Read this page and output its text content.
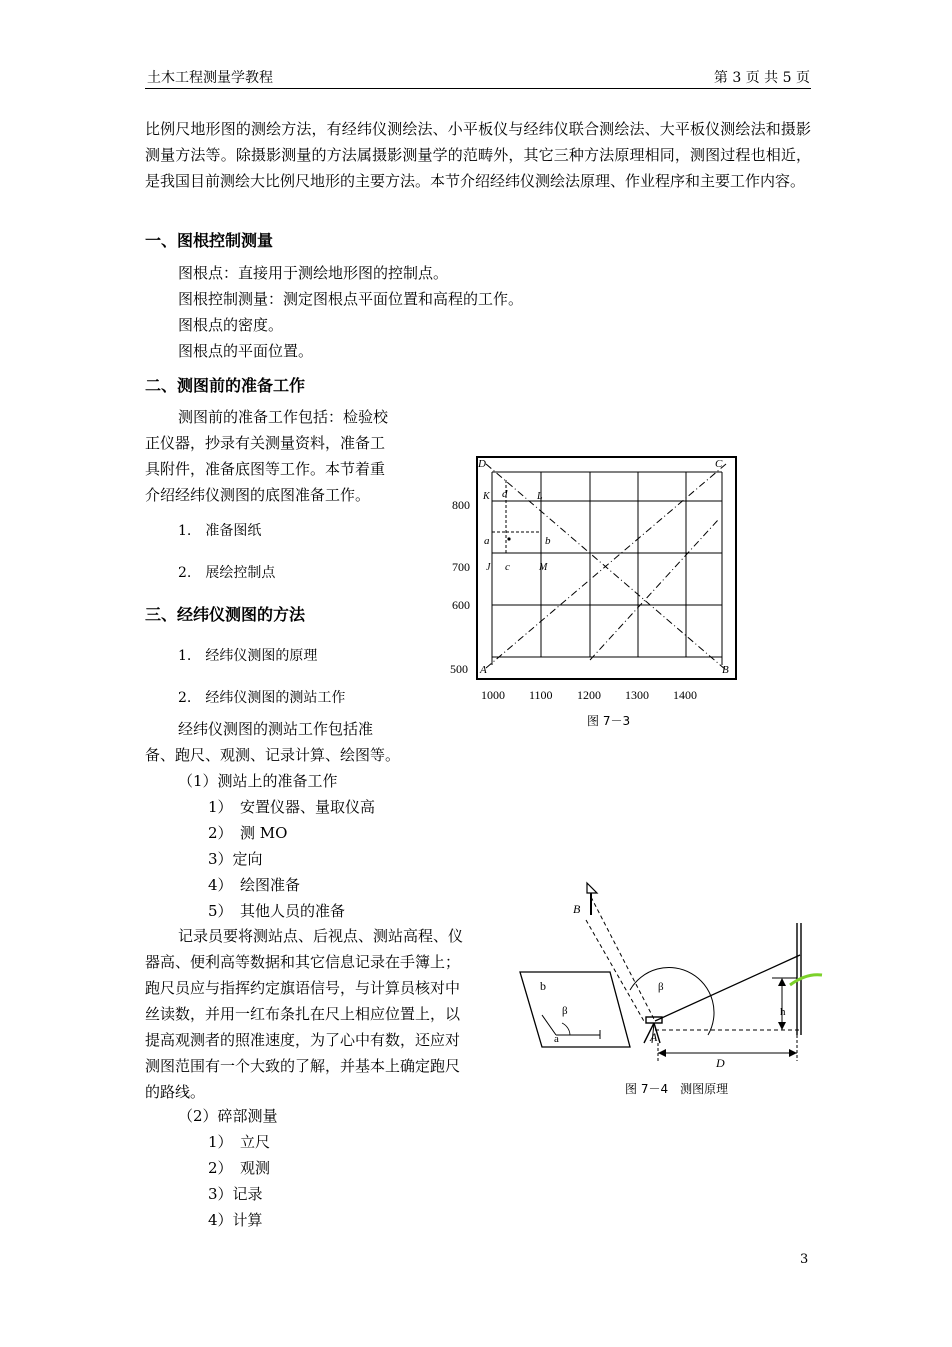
土木工程测量学教程	第 3 页 共 5 页
比例尺地形图的测绘方法，有经纬仪测绘法、小平板仪与经纬仪联合测绘法、大平板仪测绘法和摄影测量方法等。除摄影测量的方法属摄影测量学的范畴外，其它三种方法原理相同，测图过程也相近，是我国目前测绘大比例尺地形的主要方法。本节介绍经纬仪测绘法原理、作业程序和主要工作内容。
一、图根控制测量
图根点：直接用于测绘地形图的控制点。
图根控制测量：测定图根点平面位置和高程的工作。
图根点的密度。
图根点的平面位置。
二、测图前的准备工作
测图前的准备工作包括：检验校
正仪器，抄录有关测量资料，准备工
具附件，准备底图等工作。本节着重
介绍经纬仪测图的底图准备工作。
1.　准备图纸
2.　展绘控制点
三、经纬仪测图的方法
1.　经纬仪测图的原理
2.　经纬仪测图的测站工作
经纬仪测图的测站工作包括准
备、跑尺、观测、记录计算、绘图等。
（1）测站上的准备工作
1）　安置仪器、量取仪高
2）　测 MO
3）定向
4）　绘图准备
5）　其他人员的准备
记录员要将测站点、后视点、测站高程、仪
器高、便利高等数据和其它信息记录在手簿上；
跑尺员应与指挥约定旗语信号，与计算员核对中
丝读数，并用一红布条扎在尺上相应位置上，以
提高观测者的照准速度，为了心中有数，还应对
测图范围有一个大致的了解，并基本上确定跑尺
的路线。
（2）碎部测量
1）　立尺
2）　观测
3）记录
4）计算
D	C
A	B
K d	L
a	b
J c	M
800
700
600
500
1000 1100 1200 1300 1400
图 7－3
B
b
β
a
β
A
h
D
图 7－4　测图原理
3
